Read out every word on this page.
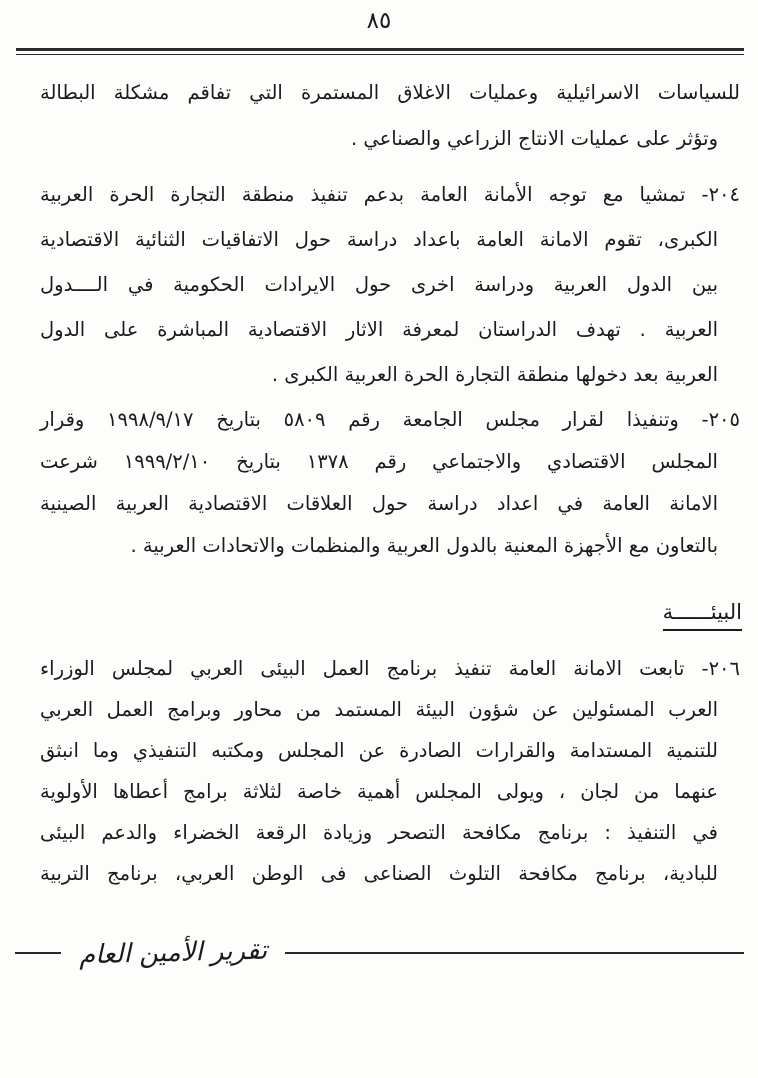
٨٥
للسياسات الاسرائيلية وعمليات الاغلاق المستمرة التي تفاقم مشكلة البطالة
وتؤثر على عمليات الانتاج الزراعي والصناعي .
٢٠٤- تمشيا مع توجه الأمانة العامة بدعم تنفيذ منطقة التجارة الحرة العربية
الكبرى، تقوم الامانة العامة باعداد دراسة حول الاتفاقيات الثنائية الاقتصادية
بين الدول العربية ودراسة اخرى حول الايرادات الحكومية في الــــدول
العربية . تهدف الدراستان لمعرفة الاثار الاقتصادية المباشرة على الدول
العربية بعد دخولها منطقة التجارة الحرة العربية الكبرى .
٢٠٥- وتنفيذا لقرار مجلس الجامعة رقم ٥٨٠٩ بتاريخ ١٩٩٨/٩/١٧ وقرار
المجلس الاقتصادي والاجتماعي رقم ١٣٧٨ بتاريخ ١٩٩٩/٢/١٠ شرعت
الامانة العامة في اعداد دراسة حول العلاقات الاقتصادية العربية الصينية
بالتعاون مع الأجهزة المعنية بالدول العربية والمنظمات والاتحادات العربية .
البيئــــــة
٢٠٦- تابعت الامانة العامة تنفيذ برنامج العمل البيئى العربي لمجلس الوزراء
العرب المسئولين عن شؤون البيئة المستمد من محاور وبرامج العمل العربي
للتنمية المستدامة والقرارات الصادرة عن المجلس ومكتبه التنفيذي وما انبثق
عنهما من لجان ، ويولى المجلس أهمية خاصة لثلاثة برامج أعطاها الأولوية
في التنفيذ : برنامج مكافحة التصحر وزيادة الرقعة الخضراء والدعم البيئى
للبادية، برنامج مكافحة التلوث الصناعى فى الوطن العربي، برنامج التربية
تقرير الأمين العام
